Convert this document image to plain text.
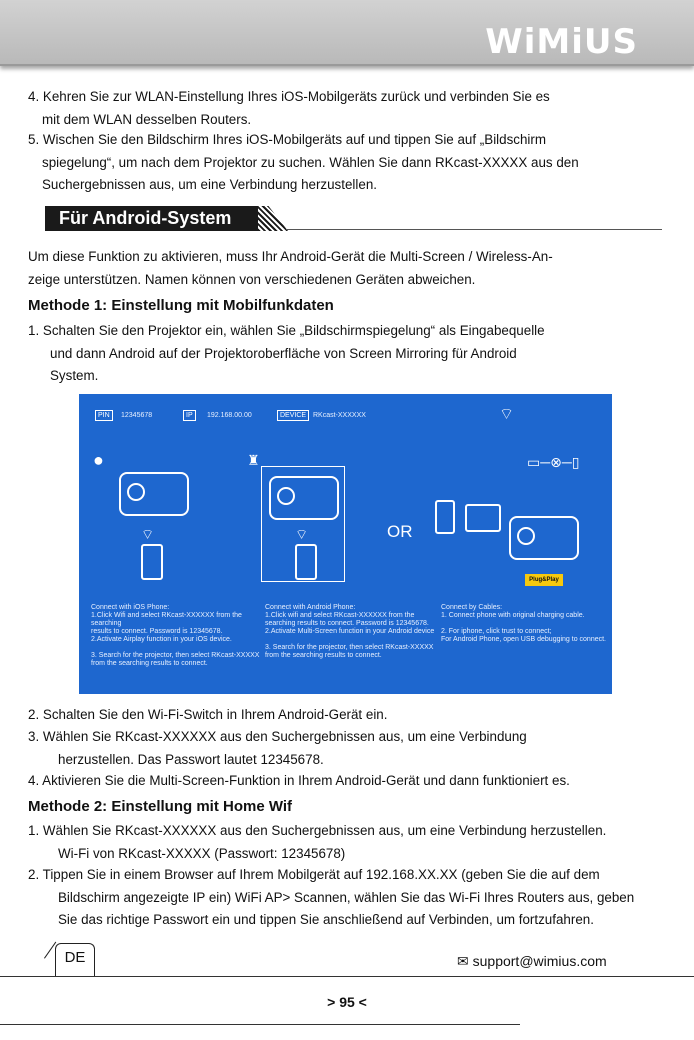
WiMiUS

4. Kehren Sie zur WLAN-Einstellung Ihres iOS-Mobilgeräts zurück und verbinden Sie es
mit dem WLAN desselben Routers.

5. Wischen Sie den Bildschirm Ihres iOS-Mobilgeräts auf und tippen Sie auf „Bildschirm
spiegelung“, um nach dem Projektor zu suchen. Wählen Sie dann RKcast-XXXXX aus den
Suchergebnissen aus, um eine Verbindung herzustellen.

Für Android-System

Um diese Funktion zu aktivieren, muss Ihr Android-Gerät die Multi-Screen / Wireless-An-
zeige unterstützen. Namen können von verschiedenen Geräten abweichen.

Methode 1: Einstellung mit Mobilfunkdaten

1. Schalten Sie den Projektor ein, wählen Sie „Bildschirmspiegelung“ als Eingabequelle
und dann Android auf der Projektoroberfläche von Screen Mirroring für Android
System.

PIN	12345678	IP	192.168.00.00	DEVICE RKcast-XXXXXX	⌔
●
⌔
♜
⌔	OR
Plug&Play
▭─⊗─▯
Connect with iOS Phone:
1.Click Wifi and select RKcast-XXXXXX from the searching
results to connect. Password is 12345678.
2.Activate Airplay function in your iOS device.

3. Search for the projector, then select RKcast-XXXXX
from the searching results to connect.
Connect with Android Phone:
1.Click wifi and select RKcast-XXXXXX from the
searching results to connect. Password is 12345678.
2.Activate Multi-Screen function in your Android device

3. Search for the projector, then select RKcast-XXXXX
from the searching results to connect.
Connect by Cables:
1. Connect phone with original charging cable.

2. For iphone, click trust to connect;
For Android Phone, open USB debugging to connect.

2. Schalten Sie den Wi-Fi-Switch in Ihrem Android-Gerät ein.

3. Wählen Sie RKcast-XXXXXX aus den Suchergebnissen aus, um eine Verbindung
herzustellen. Das Passwort lautet 12345678.

4. Aktivieren Sie die Multi-Screen-Funktion in Ihrem Android-Gerät und dann funktioniert es.

Methode 2: Einstellung mit Home Wif

1. Wählen Sie RKcast-XXXXXX aus den Suchergebnissen aus, um eine Verbindung herzustellen.
Wi-Fi von RKcast-XXXXX (Passwort: 12345678)

2. Tippen Sie in einem Browser auf Ihrem Mobilgerät auf 192.168.XX.XX (geben Sie die auf dem
Bildschirm angezeigte IP ein) WiFi AP> Scannen, wählen Sie das Wi-Fi Ihres Routers aus, geben
Sie das richtige Passwort ein und tippen Sie anschließend auf Verbinden, um fortzufahren.

DE	✉ support@wimius.com
> 95 <
